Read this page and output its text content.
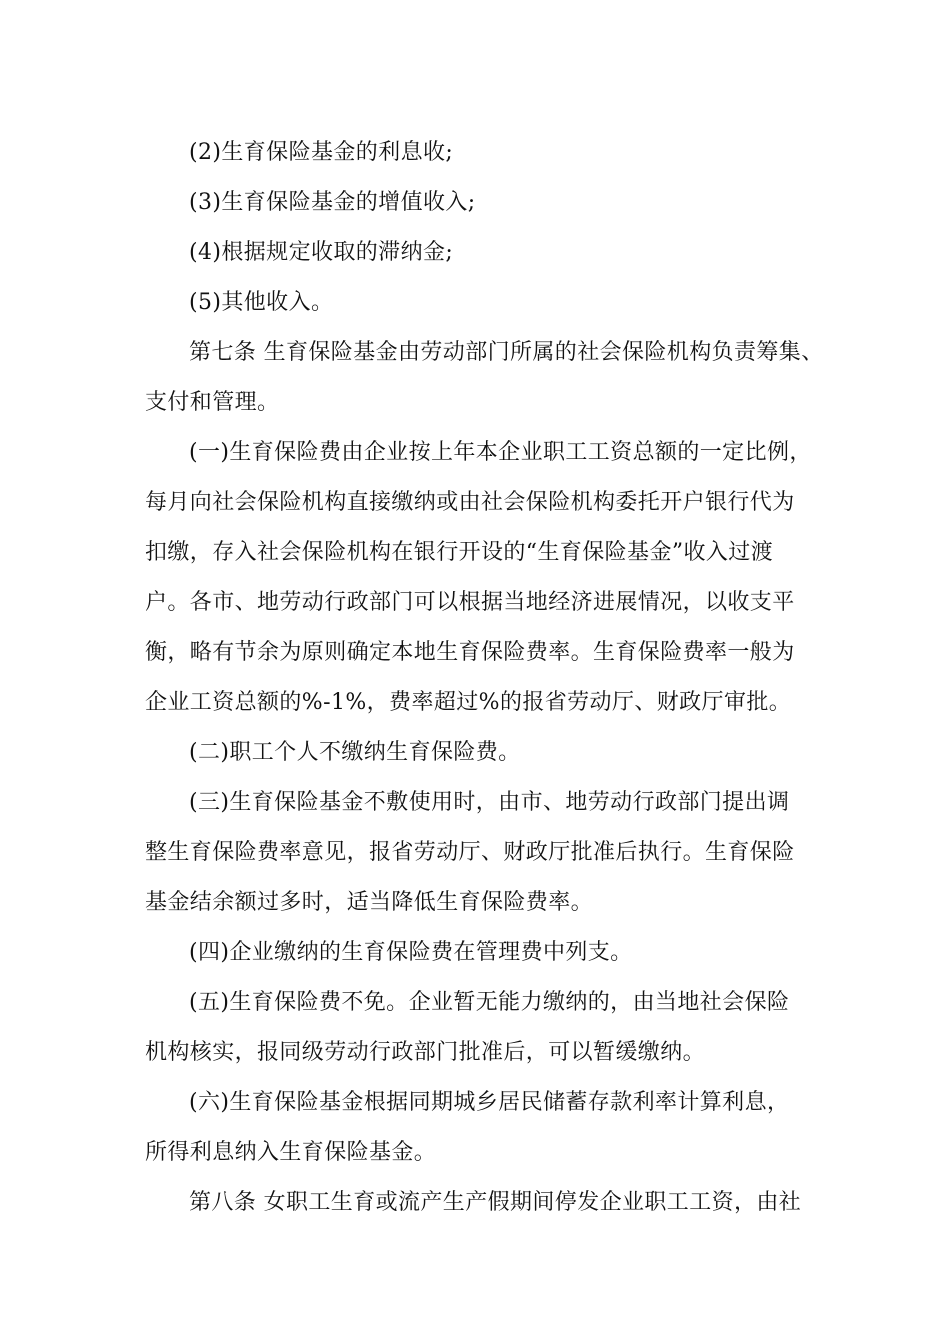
(2)生育保险基金的利息收;

(3)生育保险基金的增值收入;

(4)根据规定收取的滞纳金;

(5)其他收入。

第七条 生育保险基金由劳动部门所属的社会保险机构负责筹集、
支付和管理。

(一)生育保险费由企业按上年本企业职工工资总额的一定比例，
每月向社会保险机构直接缴纳或由社会保险机构委托开户银行代为
扣缴，存入社会保险机构在银行开设的“生育保险基金”收入过渡
户。各市、地劳动行政部门可以根据当地经济进展情况，以收支平
衡，略有节余为原则确定本地生育保险费率。生育保险费率一般为
企业工资总额的%-1%，费率超过%的报省劳动厅、财政厅审批。

(二)职工个人不缴纳生育保险费。

(三)生育保险基金不敷使用时，由市、地劳动行政部门提出调
整生育保险费率意见，报省劳动厅、财政厅批准后执行。生育保险
基金结余额过多时，适当降低生育保险费率。

(四)企业缴纳的生育保险费在管理费中列支。

(五)生育保险费不免。企业暂无能力缴纳的，由当地社会保险
机构核实，报同级劳动行政部门批准后，可以暂缓缴纳。

(六)生育保险基金根据同期城乡居民储蓄存款利率计算利息，
所得利息纳入生育保险基金。

第八条 女职工生育或流产生产假期间停发企业职工工资，由社
